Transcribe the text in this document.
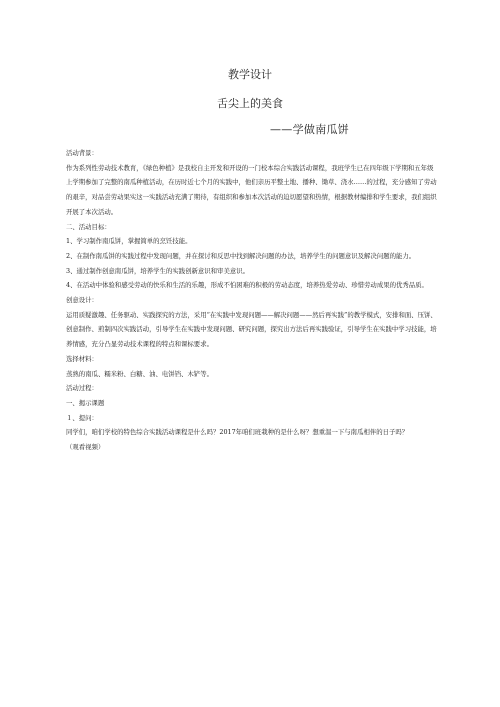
教学设计
舌尖上的美食
——学做南瓜饼

活动背景：

作为系列性劳动技术教育，《绿色种植》是我校自主开发和开设的一门校本综合实践活动课程，我班学生已在四年级下学期和五年级上学期参加了完整的南瓜种植活动，在历时近七个月的实践中，他们亲历平整土地、播种、锄草、浇水……的过程，充分感知了劳动的艰辛，对品尝劳动果实这一实践活动充满了期待，有组织和参加本次活动的迫切愿望和热情，根据教材编排和学生要求，我们组织开展了本次活动。

二、活动目标：

1、学习制作南瓜饼，掌握简单的烹饪技能。

2、在制作南瓜饼的实践过程中发现问题，并在探讨和反思中找到解决问题的办法，培养学生的问题意识及解决问题的能力。

3、通过制作创意南瓜饼，培养学生的实践创新意识和审美意识。

4、在活动中体验和感受劳动的快乐和生活的乐趣，形成不怕困难的积极的劳动态度，培养热爱劳动、珍惜劳动成果的优秀品质。

创意设计：

运用质疑激趣、任务驱动、实践探究的方法，采用“在实践中发现问题——解决问题——然后再实践”的教学模式，安排和面、压饼、创意制作、煎制四次实践活动，引导学生在实践中发现问题、研究问题，探究出方法后再实践验证，引导学生在实践中学习技能，培养情感，充分凸显劳动技术课程的特点和课标要求。

选择材料：

蒸熟的南瓜、糯米粉、白糖、油、电饼铛、木铲等。

活动过程：

一、揭示课题

１、提问：

同学们，咱们学校的特色综合实践活动课程是什么吗？2017年咱们班栽种的是什么呀？想重温一下与南瓜相伴的日子吗？

（观看视频）
